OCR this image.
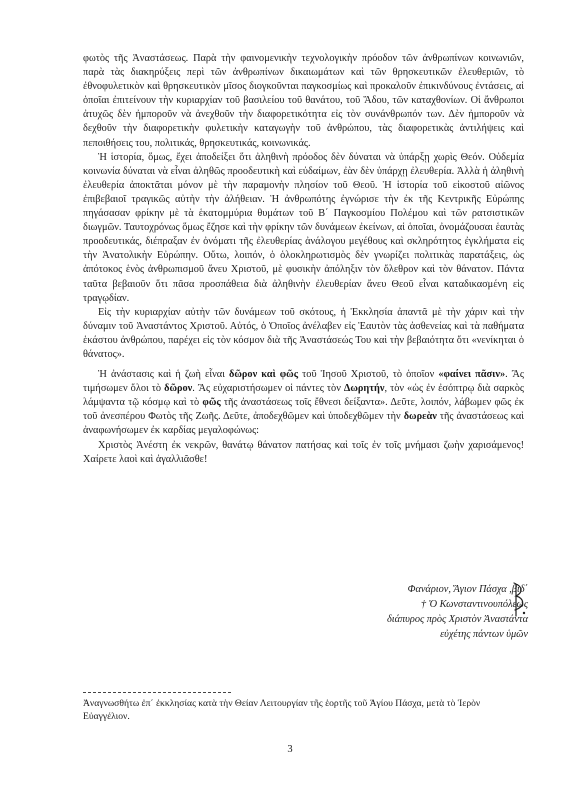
φωτὸς τῆς Ἀναστάσεως. Παρὰ τὴν φαινομενικὴν τεχνολογικὴν πρόοδον τῶν ἀνθρωπίνων κοινωνιῶν, παρὰ τὰς διακηρύξεις περὶ τῶν ἀνθρωπίνων δικαιωμάτων καὶ τῶν θρησκευτικῶν ἐλευθεριῶν, τὸ ἐθνοφυλετικὸν καὶ θρησκευτικὸν μῖσος διογκοῦνται παγκοσμίως καὶ προκαλοῦν ἐπικινδύνους ἐντάσεις, αἱ ὁποῖαι ἐπιτείνουν τὴν κυριαρχίαν τοῦ βασιλείου τοῦ θανάτου, τοῦ Ἅδου, τῶν καταχθονίων. Οἱ ἄνθρωποι ἀτυχῶς δὲν ἠμποροῦν νὰ ἀνεχθοῦν τὴν διαφορετικότητα εἰς τὸν συνάνθρωπόν των. Δὲν ἠμποροῦν νὰ δεχθοῦν τὴν διαφορετικὴν φυλετικὴν καταγωγὴν τοῦ ἀνθρώπου, τὰς διαφορετικὰς ἀντιλήψεις καὶ πεποιθήσεις του, πολιτικάς, θρησκευτικάς, κοινωνικάς.

Ἡ ἱστορία, ὅμως, ἔχει ἀποδείξει ὅτι ἀληθινὴ πρόοδος δὲν δύναται νὰ ὑπάρξῃ χωρὶς Θεόν. Οὐδεμία κοινωνία δύναται νὰ εἶναι ἀληθῶς προοδευτικὴ καὶ εὐδαίμων, ἐὰν δὲν ὑπάρχῃ ἐλευθερία. Ἀλλὰ ἡ ἀληθινὴ ἐλευθερία ἀποκτᾶται μόνον μὲ τὴν παραμονὴν πλησίον τοῦ Θεοῦ. Ἡ ἱστορία τοῦ εἰκοστοῦ αἰῶνος ἐπιβεβαιοῖ τραγικῶς αὐτὴν τὴν ἀλήθειαν. Ἡ ἀνθρωπότης ἐγνώρισε τὴν ἐκ τῆς Κεντρικῆς Εὐρώπης πηγάσασαν φρίκην μὲ τὰ ἑκατομμύρια θυμάτων τοῦ Β΄ Παγκοσμίου Πολέμου καὶ τῶν ρατσιστικῶν διωγμῶν. Ταυτοχρόνως ὅμως ἔζησε καὶ τὴν φρίκην τῶν δυνάμεων ἐκείνων, αἱ ὁποῖαι, ὀνομάζουσαι ἑαυτὰς προοδευτικάς, διέπραξαν ἐν ὀνόματι τῆς ἐλευθερίας ἀνάλογου μεγέθους καὶ σκληρότητος ἐγκλήματα εἰς τὴν Ἀνατολικὴν Εὐρώπην. Οὕτω, λοιπόν, ὁ ὁλοκληρωτισμὸς δὲν γνωρίζει πολιτικὰς παρατάξεις, ὡς ἀπότοκος ἑνὸς ἀνθρωπισμοῦ ἄνευ Χριστοῦ, μὲ φυσικὴν ἀπόληξιν τὸν ὄλεθρον καὶ τὸν θάνατον. Πάντα ταῦτα βεβαιοῦν ὅτι πᾶσα προσπάθεια διὰ ἀληθινὴν ἐλευθερίαν ἄνευ Θεοῦ εἶναι καταδικασμένη εἰς τραγῳδίαν.

Εἰς τὴν κυριαρχίαν αὐτὴν τῶν δυνάμεων τοῦ σκότους, ἡ Ἐκκλησία ἀπαντᾶ μὲ τὴν χάριν καὶ τὴν δύναμιν τοῦ Ἀναστάντος Χριστοῦ. Αὐτός, ὁ Ὁποῖος ἀνέλαβεν εἰς Ἑαυτὸν τὰς ἀσθενείας καὶ τὰ παθήματα ἑκάστου ἀνθρώπου, παρέχει εἰς τὸν κόσμον διὰ τῆς Ἀναστάσεώς Του καὶ τὴν βεβαιότητα ὅτι «νενίκηται ὁ θάνατος».

Ἡ ἀνάστασις καὶ ἡ ζωὴ εἶναι δῶρον καὶ φῶς τοῦ Ἰησοῦ Χριστοῦ, τὸ ὁποῖον «φαίνει πᾶσιν». Ἂς τιμήσωμεν ὅλοι τὸ δῶρον. Ἂς εὐχαριστήσωμεν οἱ πάντες τὸν Δωρητήν, τὸν «ὡς ἐν ἐσόπτρῳ διὰ σαρκὸς λάμψαντα τῷ κόσμῳ καὶ τὸ φῶς τῆς ἀναστάσεως τοῖς ἔθνεσι δείξαντα». Δεῦτε, λοιπόν, λάβωμεν φῶς ἐκ τοῦ ἀνεσπέρου Φωτὸς τῆς Ζωῆς. Δεῦτε, ἀποδεχθῶμεν καὶ ὑποδεχθῶμεν τὴν δωρεὰν τῆς ἀναστάσεως καὶ ἀναφωνήσωμεν ἐκ καρδίας μεγαλοφώνως:

Χριστὸς Ἀνέστη ἐκ νεκρῶν, θανάτῳ θάνατον πατήσας καὶ τοῖς ἐν τοῖς μνήμασι ζωὴν χαρισάμενος! Χαίρετε λαοὶ καὶ ἀγαλλιᾶσθε!

Φανάριον, Ἅγιον Πάσχα ,βιδ΄
† Ὁ Κωνσταντινουπόλεως
διάπυρος πρὸς Χριστὸν Ἀναστάντα
εὐχέτης πάντων ὑμῶν
Ἀναγνωσθήτω ἐπ΄ ἐκκλησίας κατὰ τὴν Θείαν Λειτουργίαν τῆς ἑορτῆς τοῦ Ἁγίου Πάσχα, μετὰ τὸ Ἱερὸν Εὐαγγέλιον.
3
